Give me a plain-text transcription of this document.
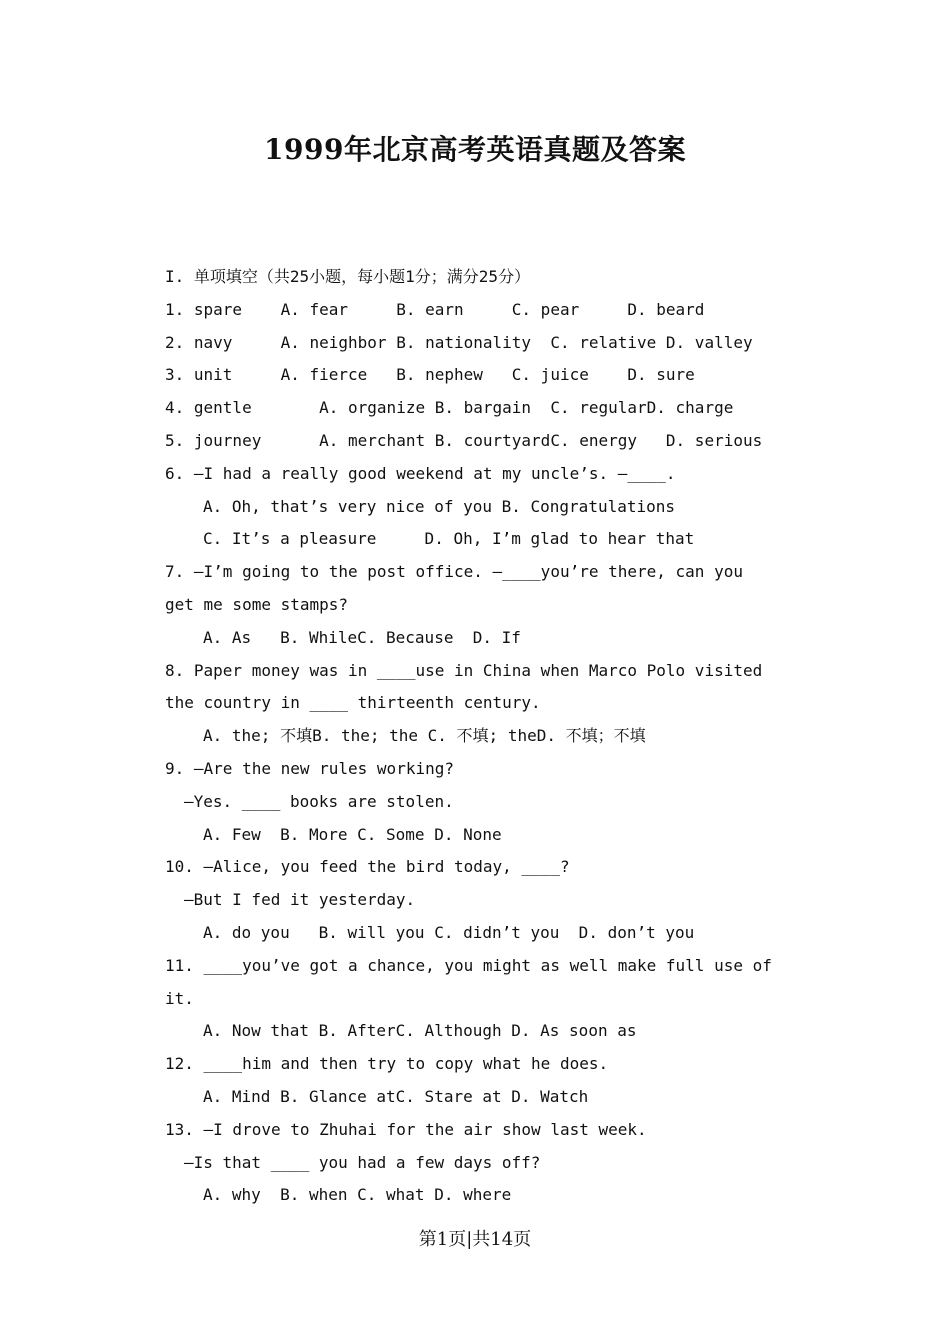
1999年北京高考英语真题及答案
I. 单项填空（共25小题，每小题1分；满分25分）
1. spare    A. fear     B. earn     C. pear     D. beard
2. navy     A. neighbor B. nationality  C. relative D. valley
3. unit     A. fierce   B. nephew   C. juice    D. sure
4. gentle       A. organize B. bargain  C. regularD. charge
5. journey      A. merchant B. courtyardC. energy   D. serious
6. —I had a really good weekend at my uncle’s. —____.
A. Oh, that’s very nice of you B. Congratulations
C. It’s a pleasure     D. Oh, I’m glad to hear that
7. —I’m going to the post office. —____you’re there, can you
get me some stamps?
A. As   B. WhileC. Because  D. If
8. Paper money was in ____use in China when Marco Polo visited
the country in ____ thirteenth century.
A. the; 不填B. the; the C. 不填; theD. 不填；不填
9. —Are the new rules working?
—Yes. ____ books are stolen.
A. Few  B. More C. Some D. None
10. —Alice, you feed the bird today, ____?
—But I fed it yesterday.
A. do you   B. will you C. didn’t you  D. don’t you
11. ____you’ve got a chance, you might as well make full use of
it.
A. Now that B. AfterC. Although D. As soon as
12. ____him and then try to copy what he does.
A. Mind B. Glance atC. Stare at D. Watch
13. —I drove to Zhuhai for the air show last week.
—Is that ____ you had a few days off?
A. why  B. when C. what D. where
第1页|共14页
